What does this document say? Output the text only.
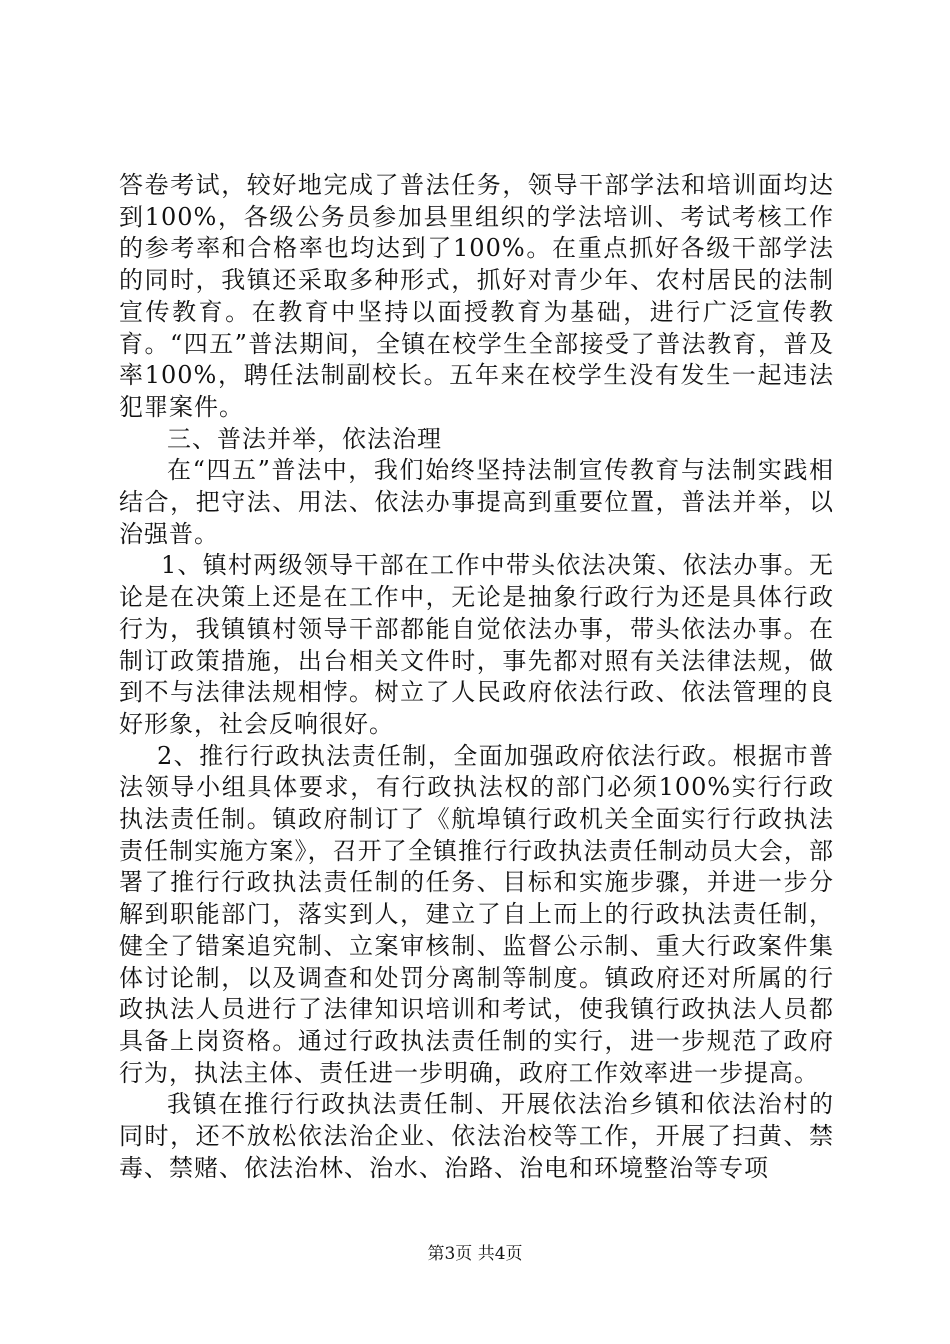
答卷考试，较好地完成了普法任务，领导干部学法和培训面均达到100%，各级公务员参加县里组织的学法培训、考试考核工作的参考率和合格率也均达到了100%。在重点抓好各级干部学法的同时，我镇还采取多种形式，抓好对青少年、农村居民的法制宣传教育。在教育中坚持以面授教育为基础，进行广泛宣传教育。“四五”普法期间，全镇在校学生全部接受了普法教育，普及率100%，聘任法制副校长。五年来在校学生没有发生一起违法犯罪案件。

三、普法并举，依法治理

在“四五”普法中，我们始终坚持法制宣传教育与法制实践相结合，把守法、用法、依法办事提高到重要位置，普法并举，以治强普。

1、镇村两级领导干部在工作中带头依法决策、依法办事。无论是在决策上还是在工作中，无论是抽象行政行为还是具体行政行为，我镇镇村领导干部都能自觉依法办事，带头依法办事。在制订政策措施，出台相关文件时，事先都对照有关法律法规，做到不与法律法规相悖。树立了人民政府依法行政、依法管理的良好形象，社会反响很好。

2、推行行政执法责任制，全面加强政府依法行政。根据市普法领导小组具体要求，有行政执法权的部门必须100%实行行政执法责任制。镇政府制订了《航埠镇行政机关全面实行行政执法责任制实施方案》，召开了全镇推行行政执法责任制动员大会，部署了推行行政执法责任制的任务、目标和实施步骤，并进一步分解到职能部门，落实到人，建立了自上而上的行政执法责任制，健全了错案追究制、立案审核制、监督公示制、重大行政案件集体讨论制，以及调查和处罚分离制等制度。镇政府还对所属的行政执法人员进行了法律知识培训和考试，使我镇行政执法人员都具备上岗资格。通过行政执法责任制的实行，进一步规范了政府行为，执法主体、责任进一步明确，政府工作效率进一步提高。

我镇在推行行政执法责任制、开展依法治乡镇和依法治村的同时，还不放松依法治企业、依法治校等工作，开展了扫黄、禁毒、禁赌、依法治林、治水、治路、治电和环境整治等专项

第3页 共4页
